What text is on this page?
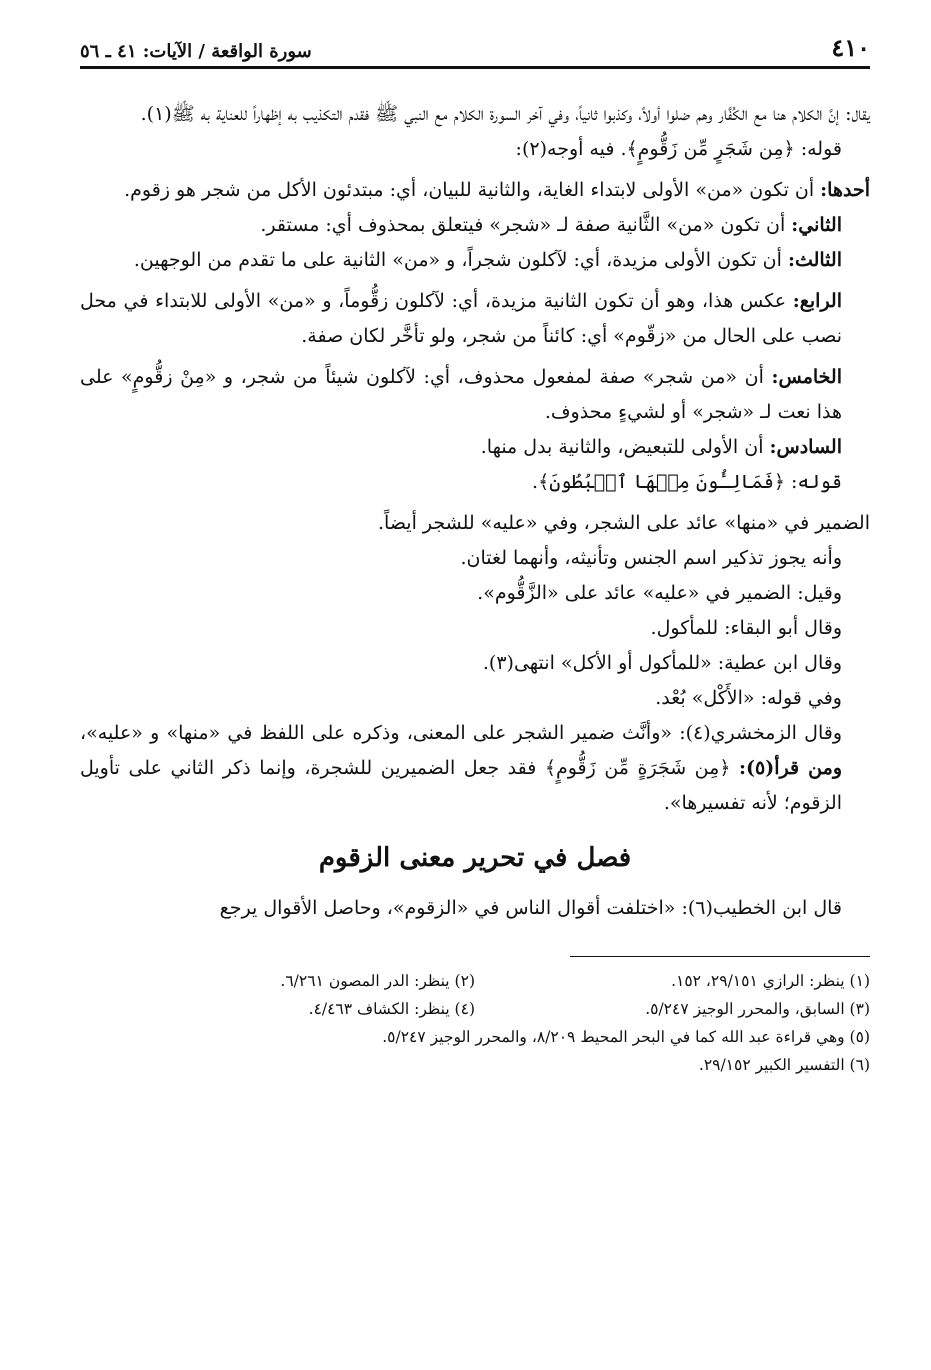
٤١٠
سورة الواقعة / الآيات: ٤١ ـ ٥٦

يقال: إنَّ الكلام هنا مع الكُفَّار وهم ضلوا أولاً، وكذبوا ثانياً، وفي آخر السورة الكلام مع النبي ﷺ فقدم التكذيب به إظهاراً للعناية به ﷺ(١).

قوله: ﴿مِن شَجَرٍ مِّن زَقُّومٍ﴾. فيه أوجه(٢):

أحدها: أن تكون «من» الأولى لابتداء الغاية، والثانية للبيان، أي: مبتدئون الأكل من شجر هو زقوم.

الثاني: أن تكون «من» الثَّانية صفة لـ «شجر» فيتعلق بمحذوف أي: مستقر.

الثالث: أن تكون الأولى مزيدة، أي: لآكلون شجراً، و «من» الثانية على ما تقدم من الوجهين.

الرابع: عكس هذا، وهو أن تكون الثانية مزيدة، أي: لآكلون زقُّوماً، و «من» الأولى للابتداء في محل نصب على الحال من «زقّوم» أي: كائناً من شجر، ولو تأخَّر لكان صفة.

الخامس: أن «من شجر» صفة لمفعول محذوف، أي: لآكلون شيئاً من شجر، و «مِنْ زقُّومٍ» على هذا نعت لـ «شجر» أو لشيءٍ محذوف.

السادس: أن الأولى للتبعيض، والثانية بدل منها.

قوله: ﴿فَمَالِـُٔونَ مِنۡهَا ٱلۡبُطُونَ﴾.

الضمير في «منها» عائد على الشجر، وفي «عليه» للشجر أيضاً.

وأنه يجوز تذكير اسم الجنس وتأنيثه، وأنهما لغتان.

وقيل: الضمير في «عليه» عائد على «الزَّقُّوم».

وقال أبو البقاء: للمأكول.

وقال ابن عطية: «للمأكول أو الأكل» انتهى(٣).

وفي قوله: «الأَكْل» بُعْد.

وقال الزمخشري(٤): «وأنَّث ضمير الشجر على المعنى، وذكره على اللفظ في «منها» و «عليه»، ومن قرأ(٥): ﴿مِن شَجَرَةٍ مِّن زَقُّومٍ﴾ فقد جعل الضميرين للشجرة، وإنما ذكر الثاني على تأويل الزقوم؛ لأنه تفسيرها».

فصل في تحرير معنى الزقوم

قال ابن الخطيب(٦): «اختلفت أقوال الناس في «الزقوم»، وحاصل الأقوال يرجع

(١) ينظر: الرازي ٢٩/١٥١، ١٥٢.
(٢) ينظر: الدر المصون ٦/٢٦١.
(٣) السابق، والمحرر الوجيز ٥/٢٤٧.
(٤) ينظر: الكشاف ٤/٤٦٣.
(٥) وهي قراءة عبد الله كما في البحر المحيط ٨/٢٠٩، والمحرر الوجيز ٥/٢٤٧.
(٦) التفسير الكبير ٢٩/١٥٢.
